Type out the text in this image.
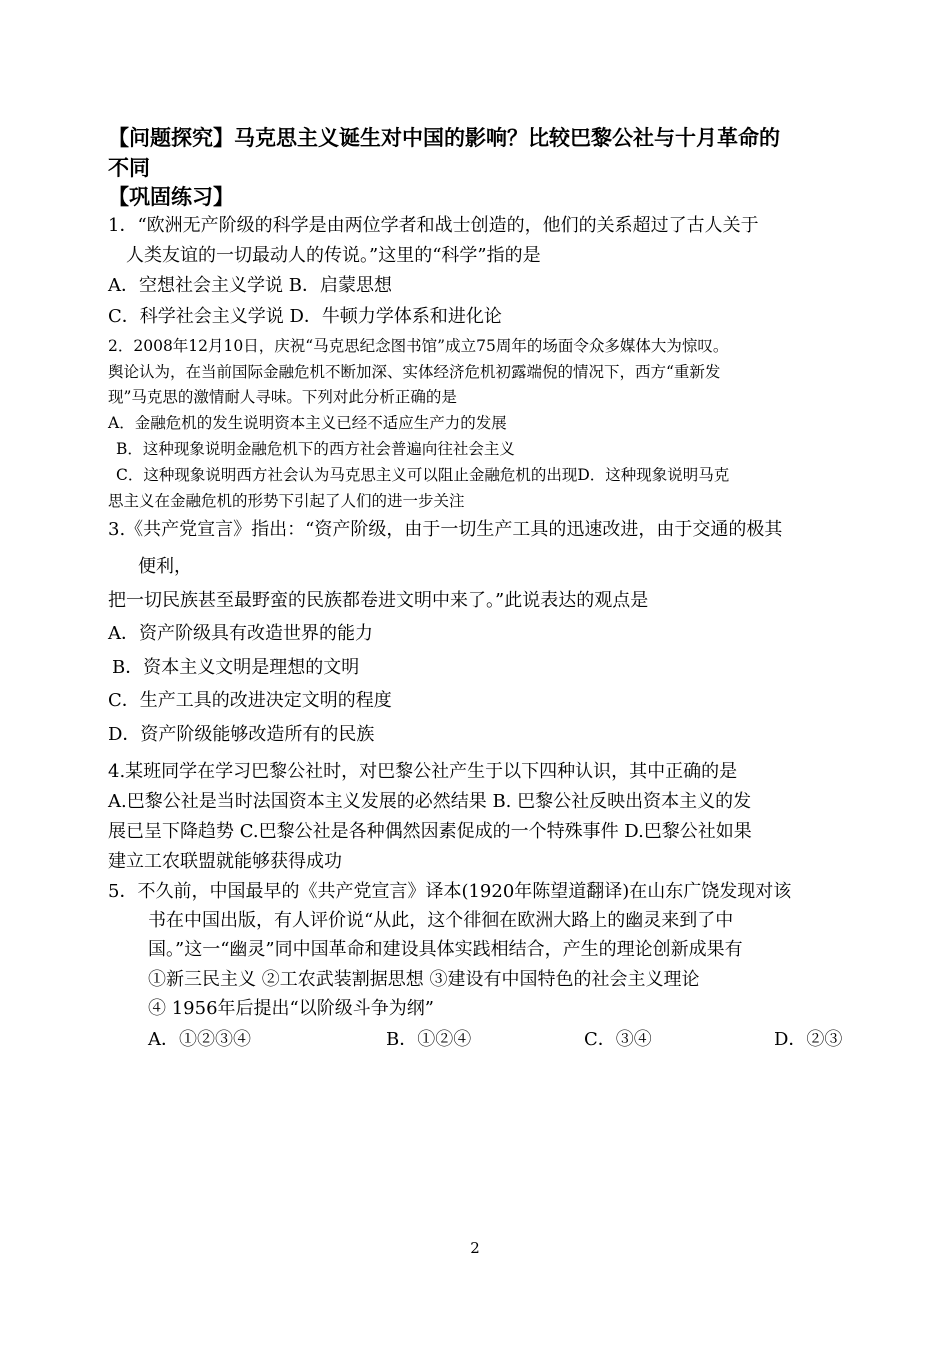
【问题探究】马克思主义诞生对中国的影响？比较巴黎公社与十月革命的
不同
【巩固练习】
1．“欧洲无产阶级的科学是由两位学者和战士创造的，他们的关系超过了古人关于
人类友谊的一切最动人的传说。”这里的“科学”指的是
A．空想社会主义学说 B．启蒙思想
C．科学社会主义学说 D．牛顿力学体系和进化论
2．2008年12月10日，庆祝“马克思纪念图书馆”成立75周年的场面令众多媒体大为惊叹。
舆论认为，在当前国际金融危机不断加深、实体经济危机初露端倪的情况下，西方“重新发
现”马克思的激情耐人寻味。下列对此分析正确的是
A．金融危机的发生说明资本主义已经不适应生产力的发展
B．这种现象说明金融危机下的西方社会普遍向往社会主义
C．这种现象说明西方社会认为马克思主义可以阻止金融危机的出现D．这种现象说明马克
思主义在金融危机的形势下引起了人们的进一步关注
3.《共产党宣言》指出：“资产阶级，由于一切生产工具的迅速改进，由于交通的极其
便利，
把一切民族甚至最野蛮的民族都卷进文明中来了。”此说表达的观点是
A．资产阶级具有改造世界的能力
B．资本主义文明是理想的文明
C．生产工具的改进决定文明的程度
D．资产阶级能够改造所有的民族
4.某班同学在学习巴黎公社时，对巴黎公社产生于以下四种认识，其中正确的是
A.巴黎公社是当时法国资本主义发展的必然结果 B. 巴黎公社反映出资本主义的发
展已呈下降趋势 C.巴黎公社是各种偶然因素促成的一个特殊事件 D.巴黎公社如果
建立工农联盟就能够获得成功
5．不久前，中国最早的《共产党宣言》译本(1920年陈望道翻译)在山东广饶发现对该
书在中国出版，有人评价说“从此，这个徘徊在欧洲大路上的幽灵来到了中
国。”这一“幽灵”同中国革命和建设具体实践相结合，产生的理论创新成果有
①新三民主义 ②工农武装割据思想 ③建设有中国特色的社会主义理论
④ 1956年后提出“以阶级斗争为纲”
A．①②③④	B．①②④	C．③④	D．②③
2
